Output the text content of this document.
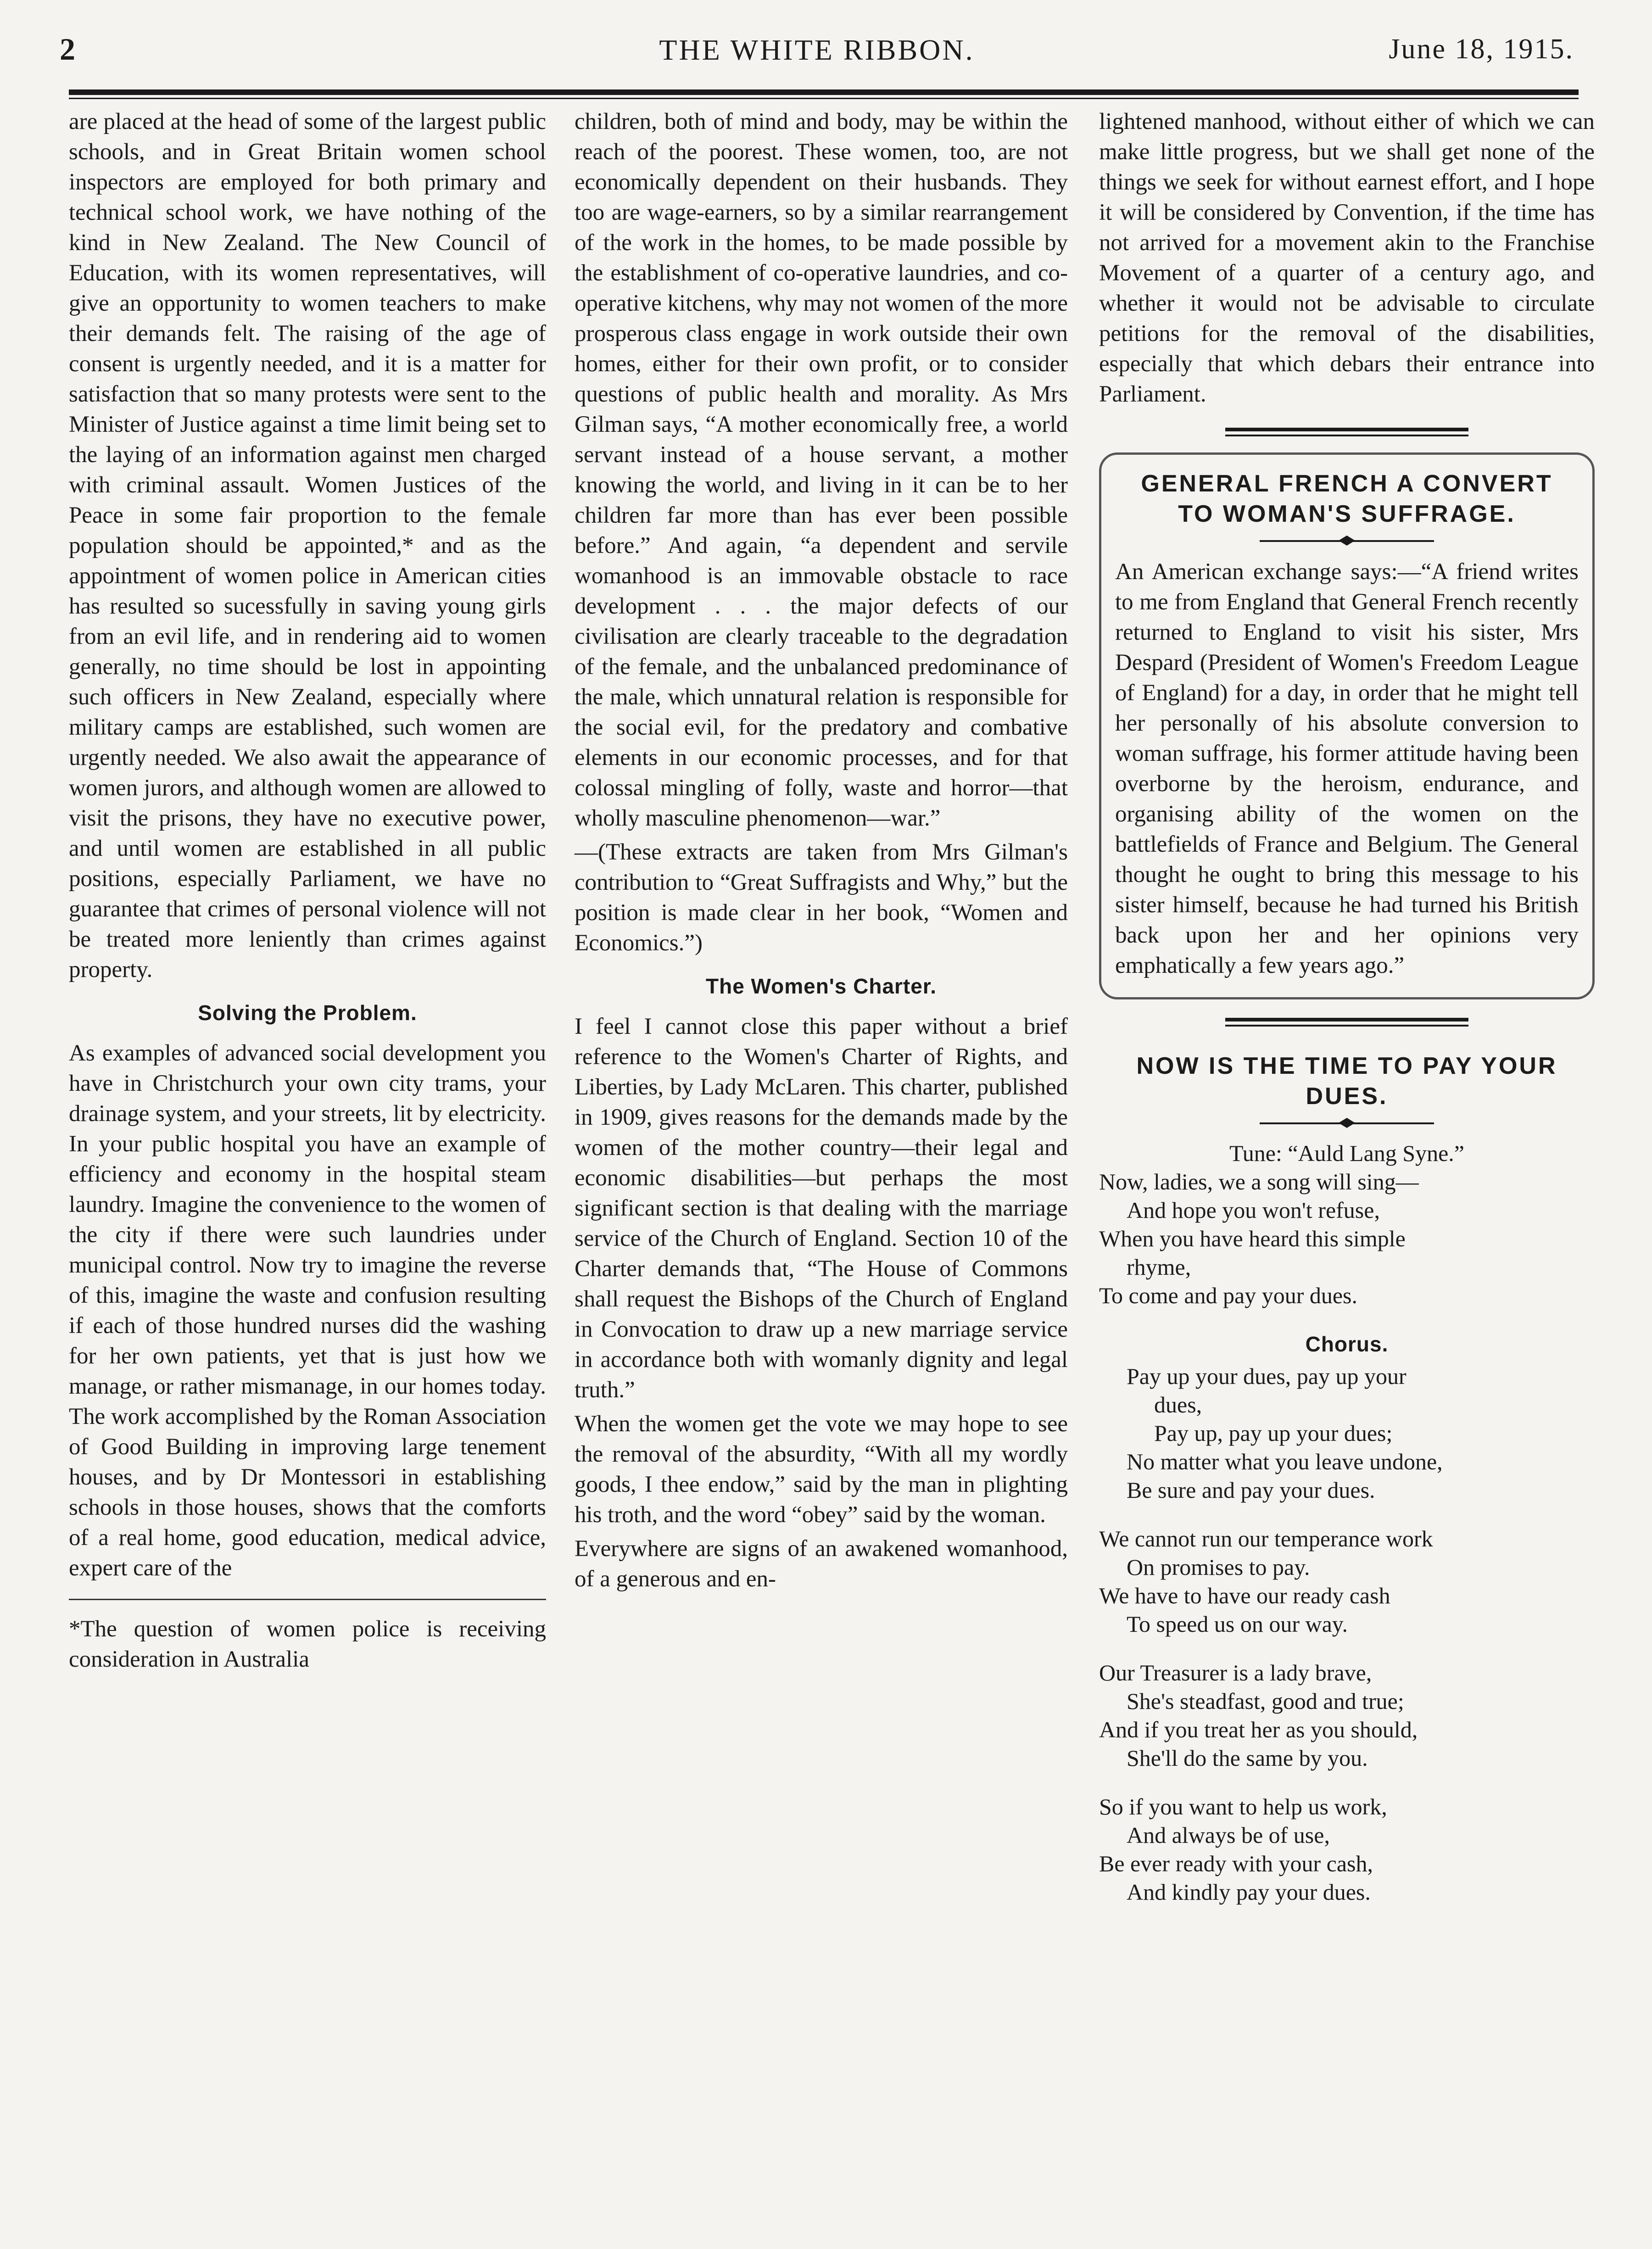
2	THE WHITE RIBBON.	June 18, 1915.

are placed at the head of some of the largest public schools, and in Great Britain women school inspectors are employed for both primary and technical school work, we have nothing of the kind in New Zealand. The New Council of Education, with its women representatives, will give an opportunity to women teachers to make their demands felt. The raising of the age of consent is urgently needed, and it is a matter for satisfaction that so many protests were sent to the Minister of Justice against a time limit being set to the laying of an information against men charged with criminal assault. Women Justices of the Peace in some fair proportion to the female population should be appointed,* and as the appointment of women police in American cities has resulted so sucessfully in saving young girls from an evil life, and in rendering aid to women generally, no time should be lost in appointing such officers in New Zealand, especially where military camps are established, such women are urgently needed. We also await the appearance of women jurors, and although women are allowed to visit the prisons, they have no executive power, and until women are established in all public positions, especially Parliament, we have no guarantee that crimes of personal violence will not be treated more leniently than crimes against property.

Solving the Problem.

As examples of advanced social development you have in Christchurch your own city trams, your drainage system, and your streets, lit by electricity. In your public hospital you have an example of efficiency and economy in the hospital steam laundry. Imagine the convenience to the women of the city if there were such laundries under municipal control. Now try to imagine the reverse of this, imagine the waste and confusion resulting if each of those hundred nurses did the washing for her own patients, yet that is just how we manage, or rather mismanage, in our homes today. The work accomplished by the Roman Association of Good Building in improving large tenement houses, and by Dr Montessori in establishing schools in those houses, shows that the comforts of a real home, good education, medical advice, expert care of the

*The question of women police is receiving consideration in Australia

children, both of mind and body, may be within the reach of the poorest. These women, too, are not economically dependent on their husbands. They too are wage-earners, so by a similar rearrangement of the work in the homes, to be made possible by the establishment of co-operative laundries, and co-operative kitchens, why may not women of the more prosperous class engage in work outside their own homes, either for their own profit, or to consider questions of public health and morality. As Mrs Gilman says, “A mother economically free, a world servant instead of a house servant, a mother knowing the world, and living in it can be to her children far more than has ever been possible before.” And again, “a dependent and servile womanhood is an immovable obstacle to race development . . . the major defects of our civilisation are clearly traceable to the degradation of the female, and the unbalanced predominance of the male, which unnatural relation is responsible for the social evil, for the predatory and combative elements in our economic processes, and for that colossal mingling of folly, waste and horror—that wholly masculine phenomenon—war.”

—(These extracts are taken from Mrs Gilman's contribution to “Great Suffragists and Why,” but the position is made clear in her book, “Women and Economics.”)

The Women's Charter.

I feel I cannot close this paper without a brief reference to the Women's Charter of Rights, and Liberties, by Lady McLaren. This charter, published in 1909, gives reasons for the demands made by the women of the mother country—their legal and economic disabilities—but perhaps the most significant section is that dealing with the marriage service of the Church of England. Section 10 of the Charter demands that, “The House of Commons shall request the Bishops of the Church of England in Convocation to draw up a new marriage service in accordance both with womanly dignity and legal truth.”

When the women get the vote we may hope to see the removal of the absurdity, “With all my wordly goods, I thee endow,” said by the man in plighting his troth, and the word “obey” said by the woman.

Everywhere are signs of an awakened womanhood, of a generous and en-

lightened manhood, without either of which we can make little progress, but we shall get none of the things we seek for without earnest effort, and I hope it will be considered by Convention, if the time has not arrived for a movement akin to the Franchise Movement of a quarter of a century ago, and whether it would not be advisable to circulate petitions for the removal of the disabilities, especially that which debars their entrance into Parliament.

GENERAL FRENCH A CONVERT
TO WOMAN'S SUFFRAGE.

An American exchange says:—“A friend writes to me from England that General French recently returned to England to visit his sister, Mrs Despard (President of Women's Freedom League of England) for a day, in order that he might tell her personally of his absolute conversion to woman suffrage, his former attitude having been overborne by the heroism, endurance, and organising ability of the women on the battlefields of France and Belgium. The General thought he ought to bring this message to his sister himself, because he had turned his British back upon her and her opinions very emphatically a few years ago.”

NOW IS THE TIME TO PAY YOUR
DUES.
Tune: “Auld Lang Syne.”
Now, ladies, we a song will sing—
And hope you won't refuse,
When you have heard this simple
rhyme,
To come and pay your dues.
Chorus.
Pay up your dues, pay up your
dues,
Pay up, pay up your dues;
No matter what you leave undone,
Be sure and pay your dues.
We cannot run our temperance work
On promises to pay.
We have to have our ready cash
To speed us on our way.
Our Treasurer is a lady brave,
She's steadfast, good and true;
And if you treat her as you should,
She'll do the same by you.
So if you want to help us work,
And always be of use,
Be ever ready with your cash,
And kindly pay your dues.
